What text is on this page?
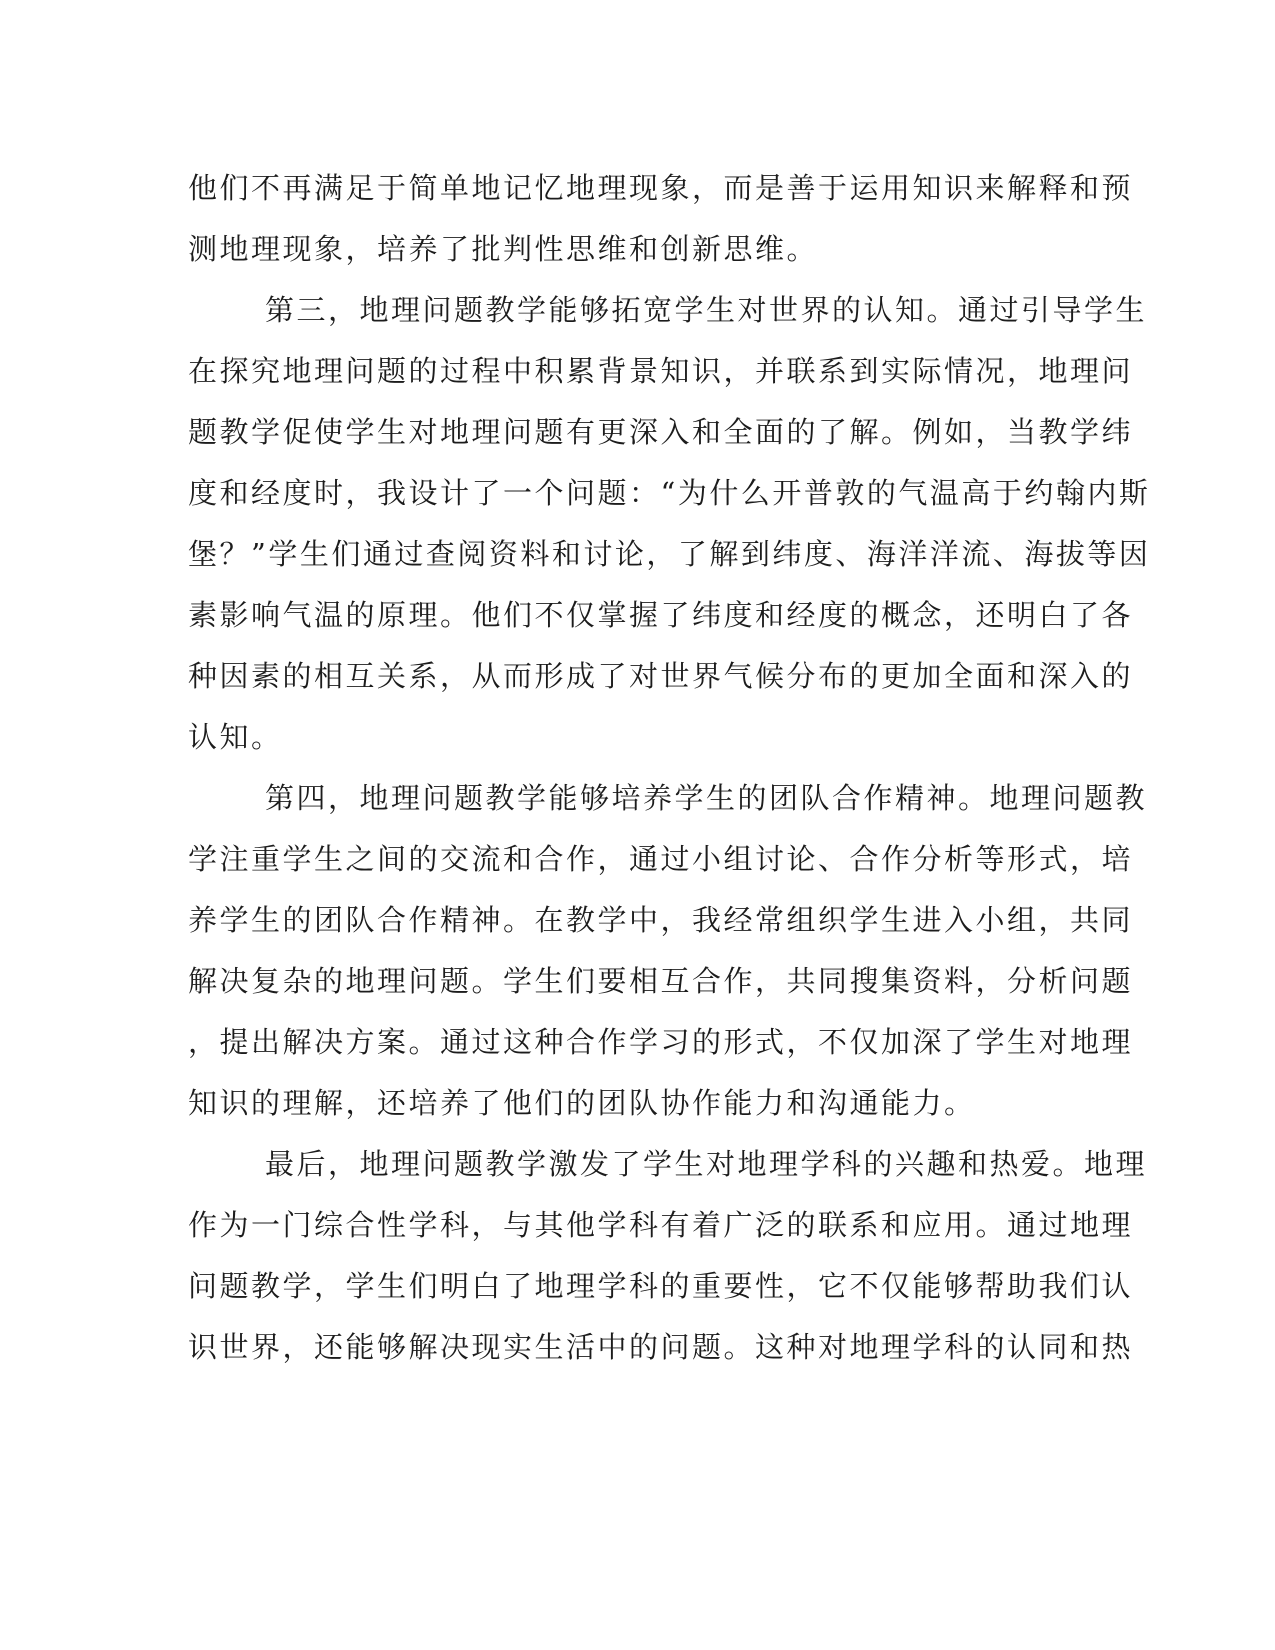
他们不再满足于简单地记忆地理现象，而是善于运用知识来解释和预
测地理现象，培养了批判性思维和创新思维。
第三，地理问题教学能够拓宽学生对世界的认知。通过引导学生
在探究地理问题的过程中积累背景知识，并联系到实际情况，地理问
题教学促使学生对地理问题有更深入和全面的了解。例如，当教学纬
度和经度时，我设计了一个问题：“为什么开普敦的气温高于约翰内斯
堡？”学生们通过查阅资料和讨论，了解到纬度、海洋洋流、海拔等因
素影响气温的原理。他们不仅掌握了纬度和经度的概念，还明白了各
种因素的相互关系，从而形成了对世界气候分布的更加全面和深入的
认知。
第四，地理问题教学能够培养学生的团队合作精神。地理问题教
学注重学生之间的交流和合作，通过小组讨论、合作分析等形式，培
养学生的团队合作精神。在教学中，我经常组织学生进入小组，共同
解决复杂的地理问题。学生们要相互合作，共同搜集资料，分析问题
，提出解决方案。通过这种合作学习的形式，不仅加深了学生对地理
知识的理解，还培养了他们的团队协作能力和沟通能力。
最后，地理问题教学激发了学生对地理学科的兴趣和热爱。地理
作为一门综合性学科，与其他学科有着广泛的联系和应用。通过地理
问题教学，学生们明白了地理学科的重要性，它不仅能够帮助我们认
识世界，还能够解决现实生活中的问题。这种对地理学科的认同和热
